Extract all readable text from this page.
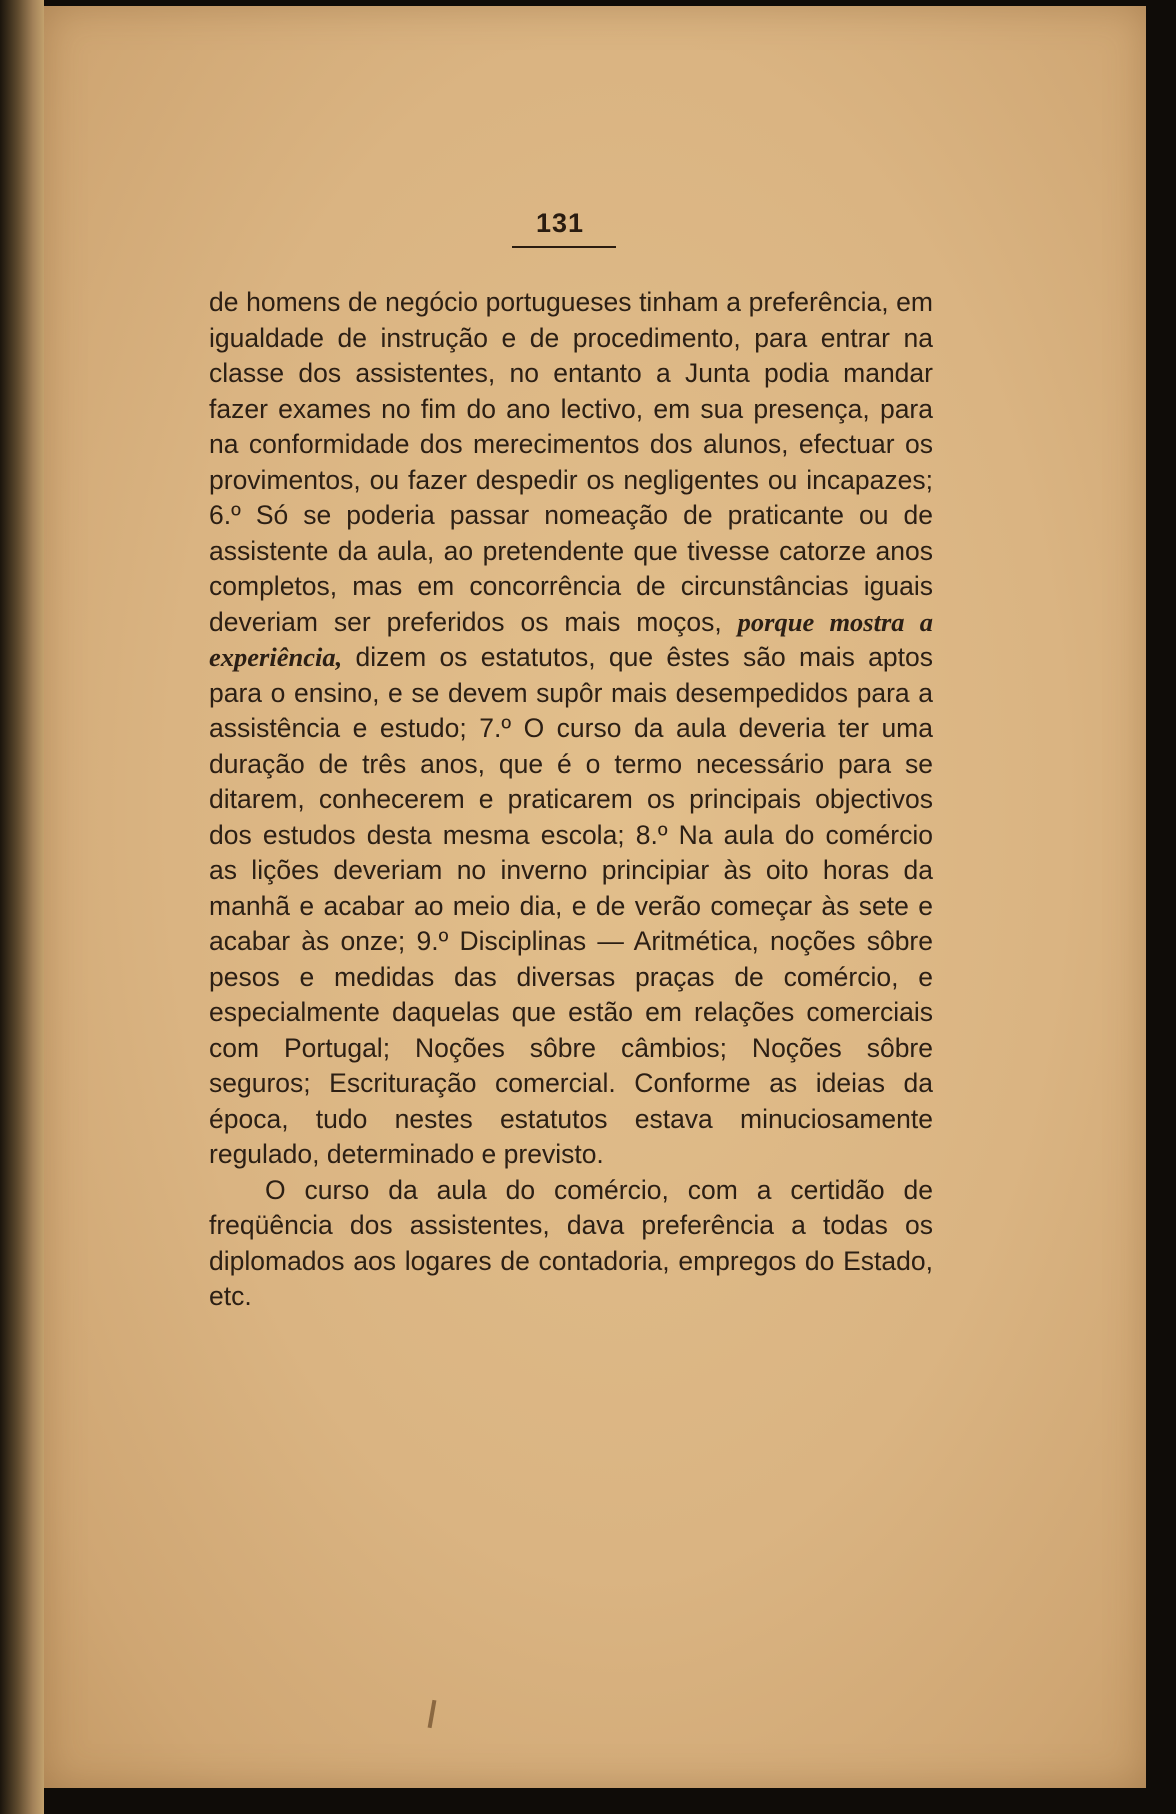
131

de homens de negócio portugueses tinham a preferência, em igualdade de instrução e de procedimento, para entrar na classe dos assistentes, no entanto a Junta podia mandar fazer exames no fim do ano lectivo, em sua presença, para na conformidade dos merecimentos dos alunos, efectuar os provimentos, ou fazer despedir os negligentes ou incapazes; 6.º Só se poderia passar nomeação de praticante ou de assistente da aula, ao pretendente que tivesse catorze anos completos, mas em concorrência de circunstâncias iguais deveriam ser preferidos os mais moços, porque mostra a experiência, dizem os estatutos, que êstes são mais aptos para o ensino, e se devem supôr mais desempedidos para a assistência e estudo; 7.º O curso da aula deveria ter uma duração de três anos, que é o termo necessário para se ditarem, conhecerem e praticarem os principais objectivos dos estudos desta mesma escola; 8.º Na aula do comércio as lições deveriam no inverno principiar às oito horas da manhã e acabar ao meio dia, e de verão começar às sete e acabar às onze; 9.º Disciplinas — Aritmética, noções sôbre pesos e medidas das diversas praças de comércio, e especialmente daquelas que estão em relações comerciais com Portugal; Noções sôbre câmbios; Noções sôbre seguros; Escrituração comercial. Conforme as ideias da época, tudo nestes estatutos estava minuciosamente regulado, determinado e previsto.

O curso da aula do comércio, com a certidão de freqüência dos assistentes, dava preferência a todas os diplomados aos logares de contadoria, empregos do Estado, etc.
